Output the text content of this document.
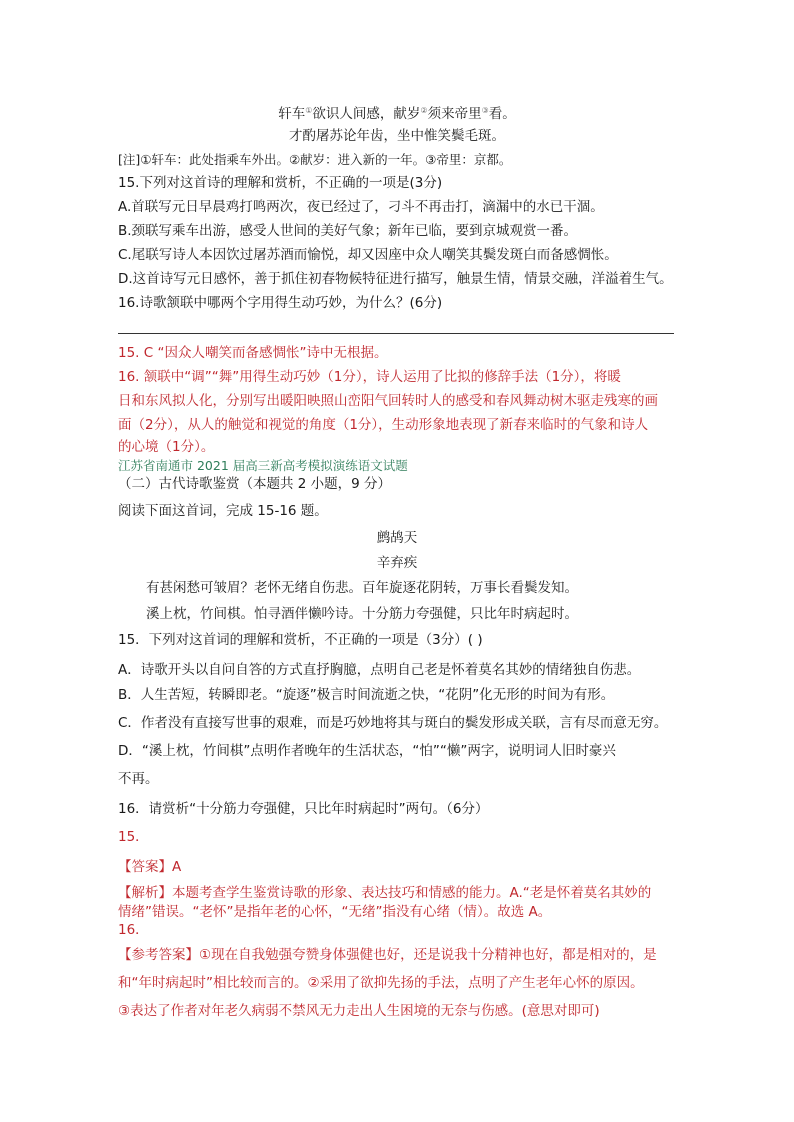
轩车①欲识人间感，献岁②须来帝里③看。
才酌屠苏论年齿，坐中惟笑鬓毛斑。
[注]①轩车：此处指乘车外出。②献岁：进入新的一年。③帝里：京都。
15.下列对这首诗的理解和赏析，不正确的一项是(3分)
A.首联写元日早晨鸡打鸣两次，夜已经过了，刁斗不再击打，滴漏中的水已干涸。
B.颈联写乘车出游，感受人世间的美好气象；新年已临，要到京城观赏一番。
C.尾联写诗人本因饮过屠苏酒而愉悦，却又因座中众人嘲笑其鬓发斑白而备感惆怅。
D.这首诗写元日感怀，善于抓住初春物候特征进行描写，触景生情，情景交融，洋溢着生气。
16.诗歌颔联中哪两个字用得生动巧妙，为什么？(6分)
15. C “因众人嘲笑而备感惆怅”诗中无根据。
16. 颔联中“调”“舞”用得生动巧妙（1分），诗人运用了比拟的修辞手法（1分），将暖
日和东风拟人化，分别写出暖阳映照山峦阳气回转时人的感受和春风舞动树木驱走残寒的画
面（2分），从人的触觉和视觉的角度（1分），生动形象地表现了新春来临时的气象和诗人
的心境（1分）。
江苏省南通市 2021 届高三新高考模拟演练语文试题
（二）古代诗歌鉴赏（本题共 2 小题，9 分）
阅读下面这首词，完成 15-16 题。
鹧鸪天
辛弃疾
有甚闲愁可皱眉？老怀无绪自伤悲。百年旋逐花阴转，万事长看鬓发知。
溪上枕，竹间棋。怕寻酒伴懒吟诗。十分筋力夸强健，只比年时病起时。
15．下列对这首词的理解和赏析，不正确的一项是（3分）( )
A．诗歌开头以自问自答的方式直抒胸臆，点明自己老是怀着莫名其妙的情绪独自伤悲。
B．人生苦短，转瞬即老。“旋逐”极言时间流逝之快，“花阴”化无形的时间为有形。
C．作者没有直接写世事的艰难，而是巧妙地将其与斑白的鬓发形成关联，言有尽而意无穷。
D．“溪上枕，竹间棋”点明作者晚年的生活状态，“怕”“懒”两字，说明词人旧时豪兴
不再。
16．请赏析“十分筋力夸强健，只比年时病起时”两句。（6分）
15．
【答案】A
【解析】本题考查学生鉴赏诗歌的形象、表达技巧和情感的能力。A.“老是怀着莫名其妙的
情绪”错误。“老怀”是指年老的心怀，“无绪”指没有心绪（情）。故选 A。
16．
【参考答案】①现在自我勉强夸赞身体强健也好，还是说我十分精神也好，都是相对的，是
和“年时病起时”相比较而言的。②采用了欲抑先扬的手法，点明了产生老年心怀的原因。
③表达了作者对年老久病弱不禁风无力走出人生困境的无奈与伤感。(意思对即可)
